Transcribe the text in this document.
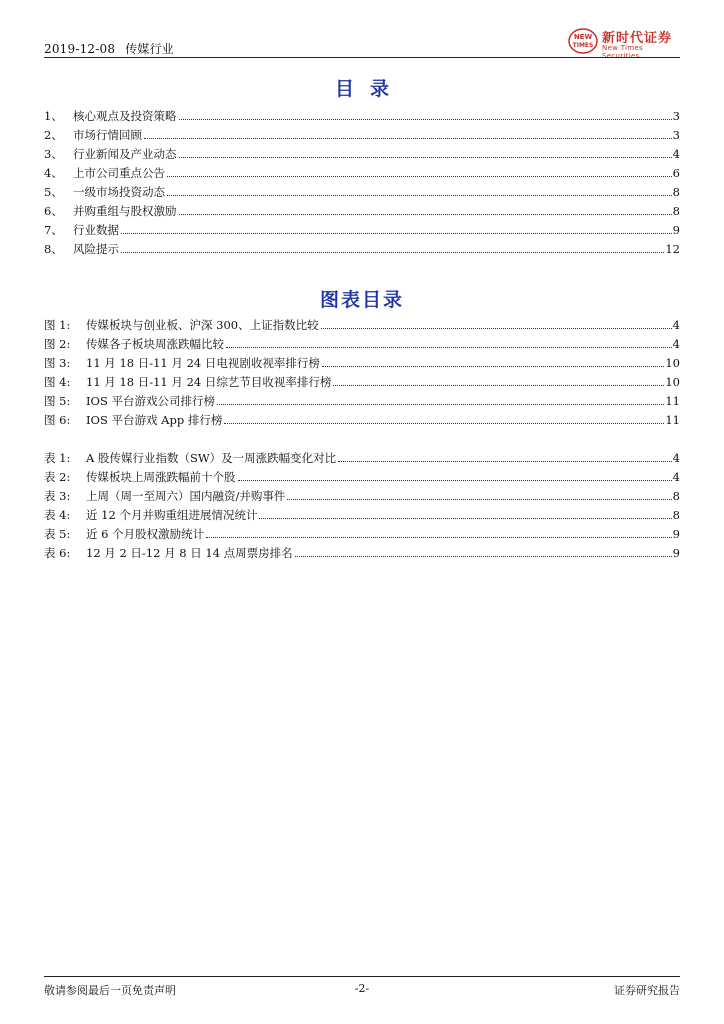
2019-12-08 传媒行业
NEW
TIMES 新时代证券
New Times Securities
目录
1、 核心观点及投资策略	3
2、 市场行情回顾	3
3、 行业新闻及产业动态	4
4、 上市公司重点公告	6
5、 一级市场投资动态	8
6、 并购重组与股权激励	8
7、 行业数据	9
8、 风险提示	12
图表目录
图 1:	传媒板块与创业板、沪深 300、上证指数比较	4
图 2:	传媒各子板块周涨跌幅比较	4
图 3:	11 月 18 日-11 月 24 日电视剧收视率排行榜	10
图 4:	11 月 18 日-11 月 24 日综艺节目收视率排行榜	10
图 5:	IOS 平台游戏公司排行榜	11
图 6:	IOS 平台游戏 App 排行榜	11
表 1:	A 股传媒行业指数（SW）及一周涨跌幅变化对比	4
表 2:	传媒板块上周涨跌幅前十个股	4
表 3:	上周（周一至周六）国内融资/并购事件	8
表 4:	近 12 个月并购重组进展情况统计	8
表 5:	近 6 个月股权激励统计	9
表 6:	12 月 2 日-12 月 8 日 14 点周票房排名	9
敬请参阅最后一页免责声明	-2-	证券研究报告
